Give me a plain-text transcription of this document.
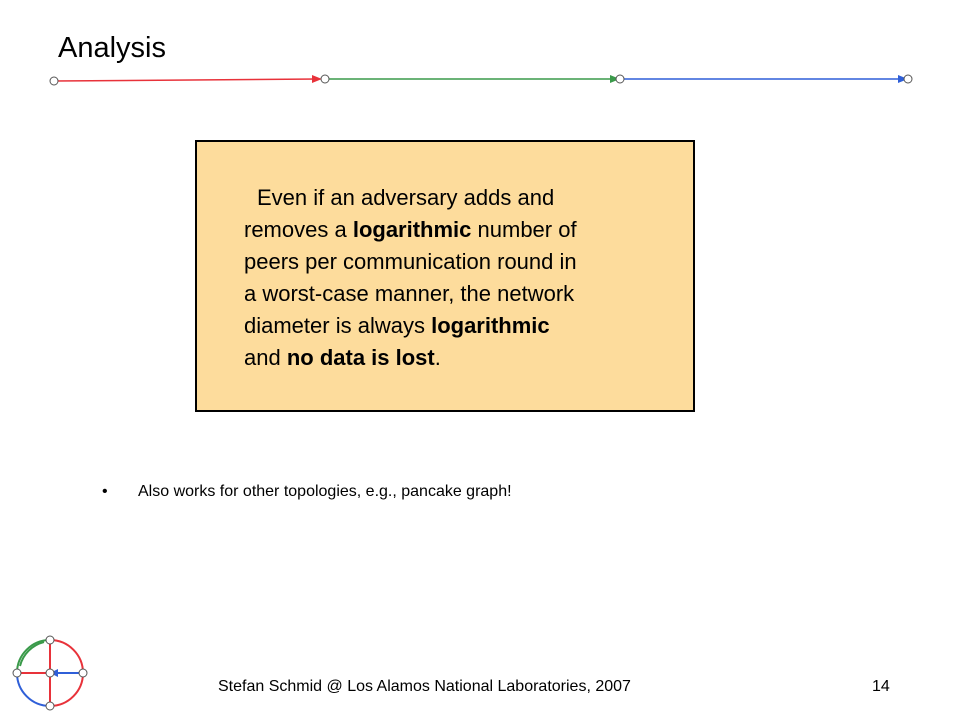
Analysis
Even if an adversary adds and
removes a logarithmic number of
peers per communication round in
a worst-case manner, the network
diameter is always logarithmic
and no data is lost.
• Also works for other topologies, e.g., pancake graph!
Stefan Schmid @ Los Alamos National Laboratories, 2007	14
